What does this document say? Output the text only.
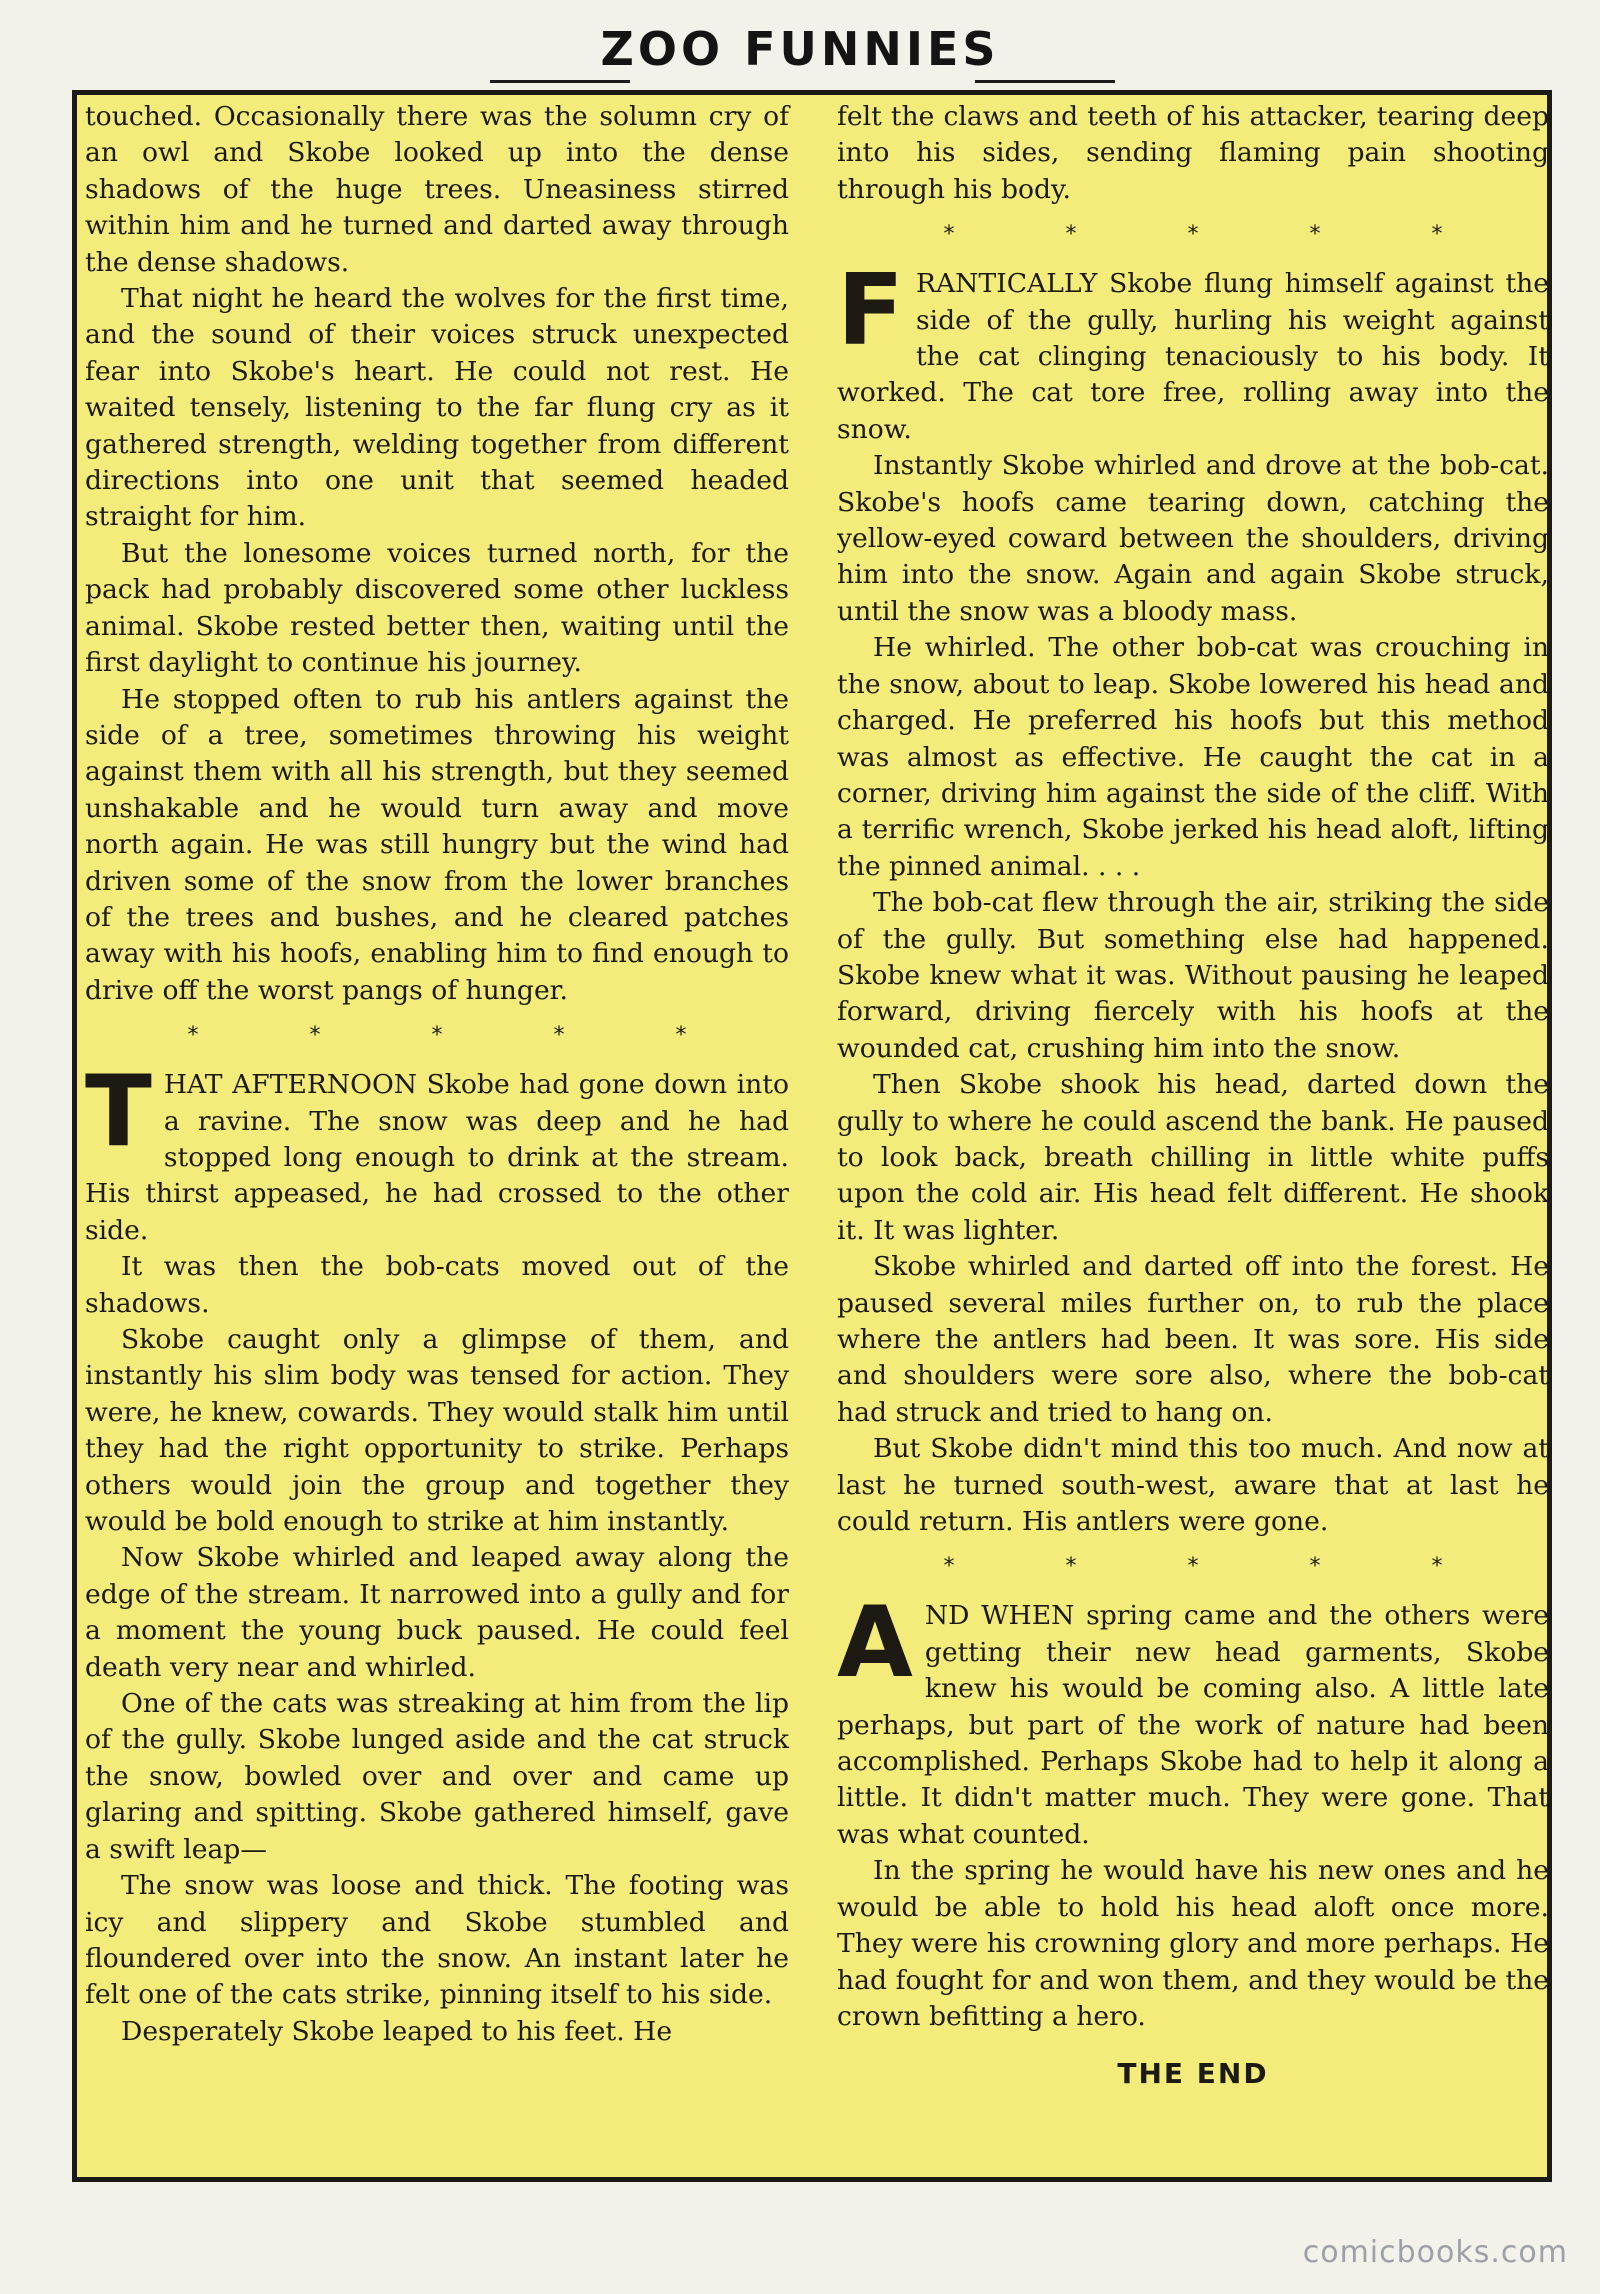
ZOO FUNNIES

touched. Occasionally there was the solumn cry of an owl and Skobe looked up into the dense shadows of the huge trees. Uneasiness stirred within him and he turned and darted away through the dense shadows.

That night he heard the wolves for the first time, and the sound of their voices struck unexpected fear into Skobe's heart. He could not rest. He waited tensely, listening to the far flung cry as it gathered strength, welding together from different directions into one unit that seemed headed straight for him.

But the lonesome voices turned north, for the pack had probably discovered some other luckless animal. Skobe rested better then, waiting until the first daylight to continue his journey.

He stopped often to rub his antlers against the side of a tree, sometimes throwing his weight against them with all his strength, but they seemed unshakable and he would turn away and move north again. He was still hungry but the wind had driven some of the snow from the lower branches of the trees and bushes, and he cleared patches away with his hoofs, enabling him to find enough to drive off the worst pangs of hunger.

* * * * *

THAT AFTERNOON Skobe had gone down into a ravine. The snow was deep and he had stopped long enough to drink at the stream. His thirst appeased, he had crossed to the other side.

It was then the bob-cats moved out of the shadows.

Skobe caught only a glimpse of them, and instantly his slim body was tensed for action. They were, he knew, cowards. They would stalk him until they had the right opportunity to strike. Perhaps others would join the group and together they would be bold enough to strike at him instantly.

Now Skobe whirled and leaped away along the edge of the stream. It narrowed into a gully and for a moment the young buck paused. He could feel death very near and whirled.

One of the cats was streaking at him from the lip of the gully. Skobe lunged aside and the cat struck the snow, bowled over and over and came up glaring and spitting. Skobe gathered himself, gave a swift leap—

The snow was loose and thick. The footing was icy and slippery and Skobe stumbled and floundered over into the snow. An instant later he felt one of the cats strike, pinning itself to his side.

Desperately Skobe leaped to his feet. He

felt the claws and teeth of his attacker, tearing deep into his sides, sending flaming pain shooting through his body.

* * * * *

FRANTICALLY Skobe flung himself against the side of the gully, hurling his weight against the cat clinging tenaciously to his body. It worked. The cat tore free, rolling away into the snow.

Instantly Skobe whirled and drove at the bob-cat. Skobe's hoofs came tearing down, catching the yellow-eyed coward between the shoulders, driving him into the snow. Again and again Skobe struck, until the snow was a bloody mass.

He whirled. The other bob-cat was crouching in the snow, about to leap. Skobe lowered his head and charged. He preferred his hoofs but this method was almost as effective. He caught the cat in a corner, driving him against the side of the cliff. With a terrific wrench, Skobe jerked his head aloft, lifting the pinned animal. . . .

The bob-cat flew through the air, striking the side of the gully. But something else had happened. Skobe knew what it was. Without pausing he leaped forward, driving fiercely with his hoofs at the wounded cat, crushing him into the snow.

Then Skobe shook his head, darted down the gully to where he could ascend the bank. He paused to look back, breath chilling in little white puffs upon the cold air. His head felt different. He shook it. It was lighter.

Skobe whirled and darted off into the forest. He paused several miles further on, to rub the place where the antlers had been. It was sore. His side and shoulders were sore also, where the bob-cat had struck and tried to hang on.

But Skobe didn't mind this too much. And now at last he turned south-west, aware that at last he could return. His antlers were gone.

* * * * *

AND WHEN spring came and the others were getting their new head garments, Skobe knew his would be coming also. A little late perhaps, but part of the work of nature had been accomplished. Perhaps Skobe had to help it along a little. It didn't matter much. They were gone. That was what counted.

In the spring he would have his new ones and he would be able to hold his head aloft once more. They were his crowning glory and more perhaps. He had fought for and won them, and they would be the crown befitting a hero.

THE END
comicbooks.com
